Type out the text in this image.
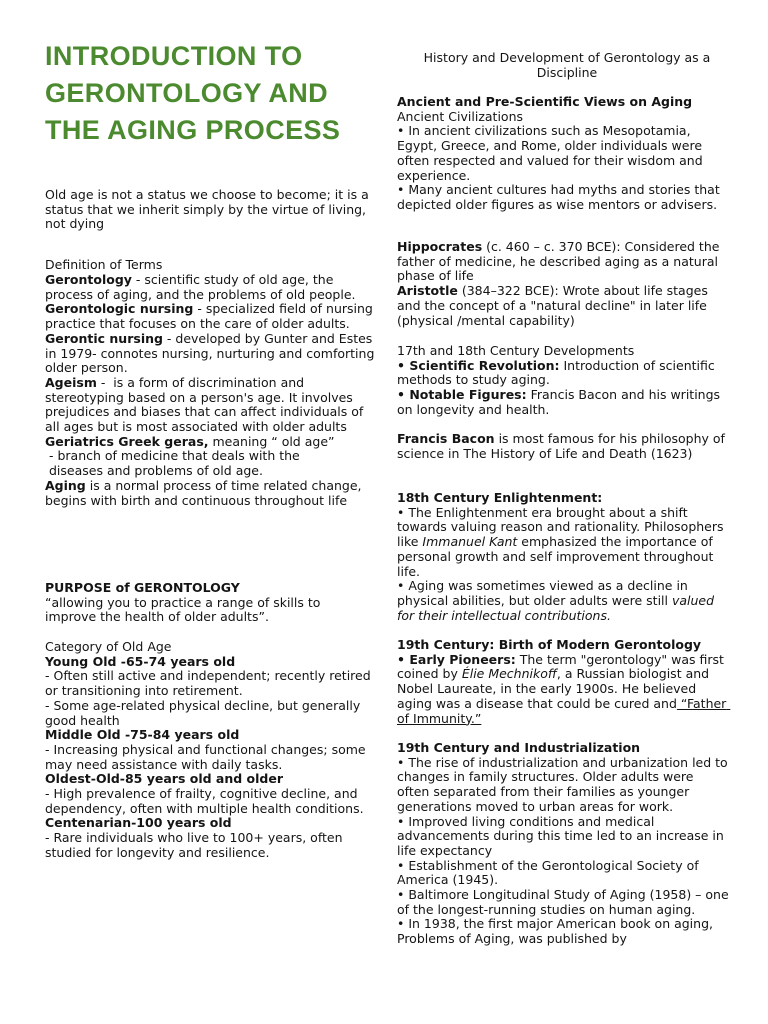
INTRODUCTION TO GERONTOLOGY AND THE AGING PROCESS

Old age is not a status we choose to become; it is a status that we inherit simply by the virtue of living, not dying

Definition of Terms

Gerontology - scientific study of old age, the process of aging, and the problems of old people.

Gerontologic nursing - specialized field of nursing practice that focuses on the care of older adults.

Gerontic nursing - developed by Gunter and Estes in 1979- connotes nursing, nurturing and comforting older person.

Ageism -  is a form of discrimination and stereotyping based on a person's age. It involves prejudices and biases that can affect individuals of all ages but is most associated with older adults

Geriatrics Greek geras, meaning “ old age”
- branch of medicine that deals with the
diseases and problems of old age.

Aging is a normal process of time related change, begins with birth and continuous throughout life

PURPOSE of GERONTOLOGY

“allowing you to practice a range of skills to improve the health of older adults”.

Category of Old Age

Young Old -65-74 years old

- Often still active and independent; recently retired or transitioning into retirement.

- Some age-related physical decline, but generally good health

Middle Old -75-84 years old

- Increasing physical and functional changes; some may need assistance with daily tasks.

Oldest-Old-85 years old and older

- High prevalence of frailty, cognitive decline, and dependency, often with multiple health conditions.

Centenarian-100 years old

- Rare individuals who live to 100+ years, often studied for longevity and resilience.

History and Development of Gerontology as a Discipline

Ancient and Pre-Scientific Views on Aging

Ancient Civilizations

• In ancient civilizations such as Mesopotamia, Egypt, Greece, and Rome, older individuals were often respected and valued for their wisdom and experience.

• Many ancient cultures had myths and stories that depicted older figures as wise mentors or advisers.

Hippocrates (c. 460 – c. 370 BCE): Considered the father of medicine, he described aging as a natural phase of life

Aristotle (384–322 BCE): Wrote about life stages and the concept of a "natural decline" in later life (physical /mental capability)

17th and 18th Century Developments

• Scientific Revolution: Introduction of scientific methods to study aging.

• Notable Figures: Francis Bacon and his writings on longevity and health.

Francis Bacon is most famous for his philosophy of science in The History of Life and Death (1623)

18th Century Enlightenment:

• The Enlightenment era brought about a shift towards valuing reason and rationality. Philosophers like Immanuel Kant emphasized the importance of personal growth and self improvement throughout life.

• Aging was sometimes viewed as a decline in physical abilities, but older adults were still valued for their intellectual contributions.

19th Century: Birth of Modern Gerontology

• Early Pioneers: The term "gerontology" was first coined by Élie Mechnikoff, a Russian biologist and Nobel Laureate, in the early 1900s. He believed aging was a disease that could be cured and “Father of Immunity.”

19th Century and Industrialization

• The rise of industrialization and urbanization led to changes in family structures. Older adults were often separated from their families as younger generations moved to urban areas for work.

• Improved living conditions and medical advancements during this time led to an increase in life expectancy

• Establishment of the Gerontological Society of America (1945).

• Baltimore Longitudinal Study of Aging (1958) – one of the longest-running studies on human aging.

• In 1938, the first major American book on aging, Problems of Aging, was published by
